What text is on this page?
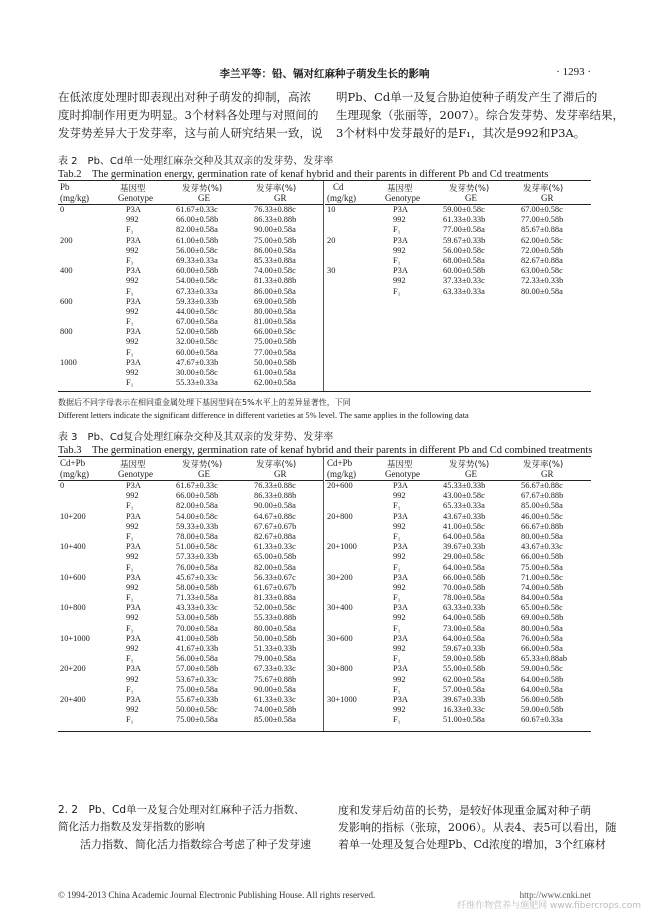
李兰平等：铅、镉对红麻种子萌发生长的影响	· 1293 ·
在低浓度处理时即表现出对种子萌发的抑制，高浓
度时抑制作用更为明显。3个材料各处理与对照间的
发芽势差异大于发芽率，这与前人研究结果一致，说
明Pb、Cd单一及复合胁迫使种子萌发产生了滞后的
生理现象（张丽等，2007）。综合发芽势、发芽率结果，
3个材料中发芽最好的是F₁，其次是992和P3A。
表 2　Pb、Cd单一处理红麻杂交种及其双亲的发芽势、发芽率
Tab.2　The germination energy, germination rate of kenaf hybrid and their parents in different Pb and Cd treatments
Pb
(mg/kg)
基因型
Genotype
发芽势(%)
GE
发芽率(%)
GR
0	P3A	61.67±0.33c	76.33±0.88c
992	66.00±0.58b	86.33±0.88b
F₁	82.00±0.58a	90.00±0.58a
200	P3A	61.00±0.58b	75.00±0.58b
992	56.00±0.58c	86.00±0.58a
F₁	69.33±0.33a	85.33±0.88a
400	P3A	60.00±0.58b	74.00±0.58c
992	54.00±0.58c	81.33±0.88b
F₁	67.33±0.33a	86.00±0.58a
600	P3A	59.33±0.33b	69.00±0.58b
992	44.00±0.58c	80.00±0.58a
F₁	67.00±0.58a	81.00±0.58a
800	P3A	52.00±0.58b	66.00±0.58c
992	32.00±0.58c	75.00±0.58b
F₁	60.00±0.58a	77.00±0.58a
1000	P3A	47.67±0.33b	50.00±0.58b
992	30.00±0.58c	61.00±0.58a
F₁	55.33±0.33a	62.00±0.58a
Cd
(mg/kg)
基因型
Genotype
发芽势(%)
GE
发芽率(%)
GR
10	P3A	59.00±0.58c	67.00±0.58c
992	61.33±0.33b	77.00±0.58b
F₁	77.00±0.58a	85.67±0.88a
20	P3A	59.67±0.33b	62.00±0.58c
992	56.00±0.58c	72.00±0.58b
F₁	68.00±0.58a	82.67±0.88a
30	P3A	60.00±0.58b	63.00±0.58c
992	37.33±0.33c	72.33±0.33b
F₁	63.33±0.33a	80.00±0.58a
数据后不同字母表示在相同重金属处理下基因型间在5%水平上的差异显著性，下同
Different letters indicate the significant difference in different varieties at 5% level. The same applies in the following data
表 3　Pb、Cd复合处理红麻杂交种及其双亲的发芽势、发芽率
Tab.3　The germination energy, germination rate of kenaf hybrid and their parents in different Pb and Cd combined treatments
Cd+Pb
(mg/kg)
基因型
Genotype
发芽势(%)
GE
发芽率(%)
GR
0	P3A	61.67±0.33c	76.33±0.88c
992	66.00±0.58b	86.33±0.88b
F₁	82.00±0.58a	90.00±0.58a
10+200	P3A	54.00±0.58c	64.67±0.88c
992	59.33±0.33b	67.67±0.67b
F₁	78.00±0.58a	82.67±0.88a
10+400	P3A	51.00±0.58c	61.33±0.33c
992	57.33±0.33b	65.00±0.58b
F₁	76.00±0.58a	82.00±0.58a
10+600	P3A	45.67±0.33c	56.33±0.67c
992	58.00±0.58b	61.67±0.67b
F₁	71.33±0.58a	81.33±0.88a
10+800	P3A	43.33±0.33c	52.00±0.58c
992	53.00±0.58b	55.33±0.88b
F₁	70.00±0.58a	80.00±0.58a
10+1000	P3A	41.00±0.58b	50.00±0.58b
992	41.67±0.33b	51.33±0.33b
F₁	56.00±0.58a	79.00±0.58a
20+200	P3A	57.00±0.58b	67.33±0.33c
992	53.67±0.33c	75.67±0.88b
F₁	75.00±0.58a	90.00±0.58a
20+400	P3A	55.67±0.33b	61.33±0.33c
992	50.00±0.58c	74.00±0.58b
F₁	75.00±0.58a	85.00±0.58a
Cd+Pb
(mg/kg)
基因型
Genotype
发芽势(%)
GE
发芽率(%)
GR
20+600	P3A	45.33±0.33b	56.67±0.88c
992	43.00±0.58c	67.67±0.88b
F₁	65.33±0.33a	85.00±0.58a
20+800	P3A	43.67±0.33b	46.00±0.58c
992	41.00±0.58c	66.67±0.88b
F₁	64.00±0.58a	80.00±0.58a
20+1000	P3A	39.67±0.33b	43.67±0.33c
992	29.00±0.58c	66.00±0.58b
F₁	64.00±0.58a	75.00±0.58a
30+200	P3A	66.00±0.58b	71.00±0.58c
992	70.00±0.58b	74.00±0.58b
F₁	78.00±0.58a	84.00±0.58a
30+400	P3A	63.33±0.33b	65.00±0.58c
992	64.00±0.58b	69.00±0.58b
F₁	73.00±0.58a	80.00±0.58a
30+600	P3A	64.00±0.58a	76.00±0.58a
992	59.67±0.33b	66.00±0.58a
F₁	59.00±0.58b	65.33±0.88ab
30+800	P3A	55.00±0.58b	59.00±0.58c
992	62.00±0.58a	64.00±0.58b
F₁	57.00±0.58a	64.00±0.58a
30+1000	P3A	39.67±0.33b	56.00±0.58b
992	16.33±0.33c	59.00±0.58b
F₁	51.00±0.58a	60.67±0.33a
2. 2　Pb、Cd单一及复合处理对红麻种子活力指数、
简化活力指数及发芽指数的影响
　　活力指数、简化活力指数综合考虑了种子发芽速
度和发芽后幼苗的长势，是较好体现重金属对种子萌
发影响的指标（张琼，2006）。从表4、表5可以看出，随
着单一处理及复合处理Pb、Cd浓度的增加，3个红麻材
© 1994-2013 China Academic Journal Electronic Publishing House. All rights reserved.	http://www.cnki.net
纤维作物营养与施肥网 www.fibercrops.com
